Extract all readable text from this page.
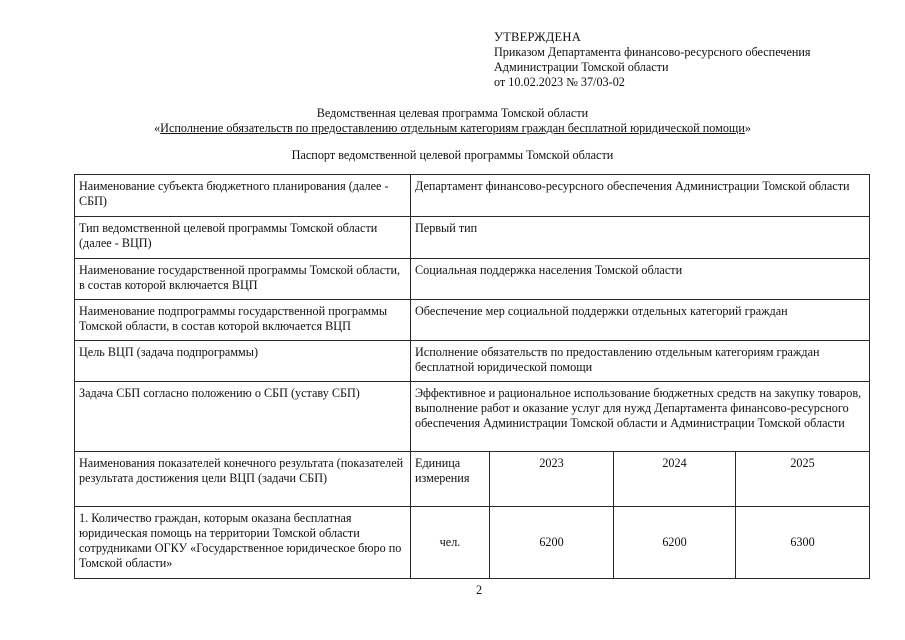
УТВЕРЖДЕНА
Приказом Департамента финансово-ресурсного обеспечения
Администрации Томской области
от 10.02.2023 № 37/03-02
Ведомственная целевая программа Томской области
«Исполнение обязательств по предоставлению отдельным категориям граждан бесплатной юридической помощи»
Паспорт ведомственной целевой программы Томской области
Наименование субъекта бюджетного планирования (далее - СБП)	Департамент финансово-ресурсного обеспечения Администрации Томской области			
Тип ведомственной целевой программы Томской области (далее - ВЦП)	Первый тип			
Наименование государственной программы Томской области, в состав которой включается ВЦП	Социальная поддержка населения Томской области			
Наименование подпрограммы государственной программы Томской области, в состав которой включается ВЦП	Обеспечение мер социальной поддержки отдельных категорий граждан			
Цель ВЦП (задача подпрограммы)	Исполнение обязательств по предоставлению отдельным категориям граждан бесплатной юридической помощи			
Задача СБП согласно положению о СБП (уставу СБП)	Эффективное и рациональное использование бюджетных средств на закупку товаров, выполнение работ и оказание услуг для нужд Департамента финансово-ресурсного обеспечения Администрации Томской области и Администрации Томской области			
Наименования показателей конечного результата (показателей результата достижения цели ВЦП (задачи СБП)	Единица измерения	2023	2024	2025
1. Количество граждан, которым оказана бесплатная юридическая помощь на территории Томской области сотрудниками ОГКУ «Государственное юридическое бюро по Томской области»	чел.	6200	6200	6300
2
